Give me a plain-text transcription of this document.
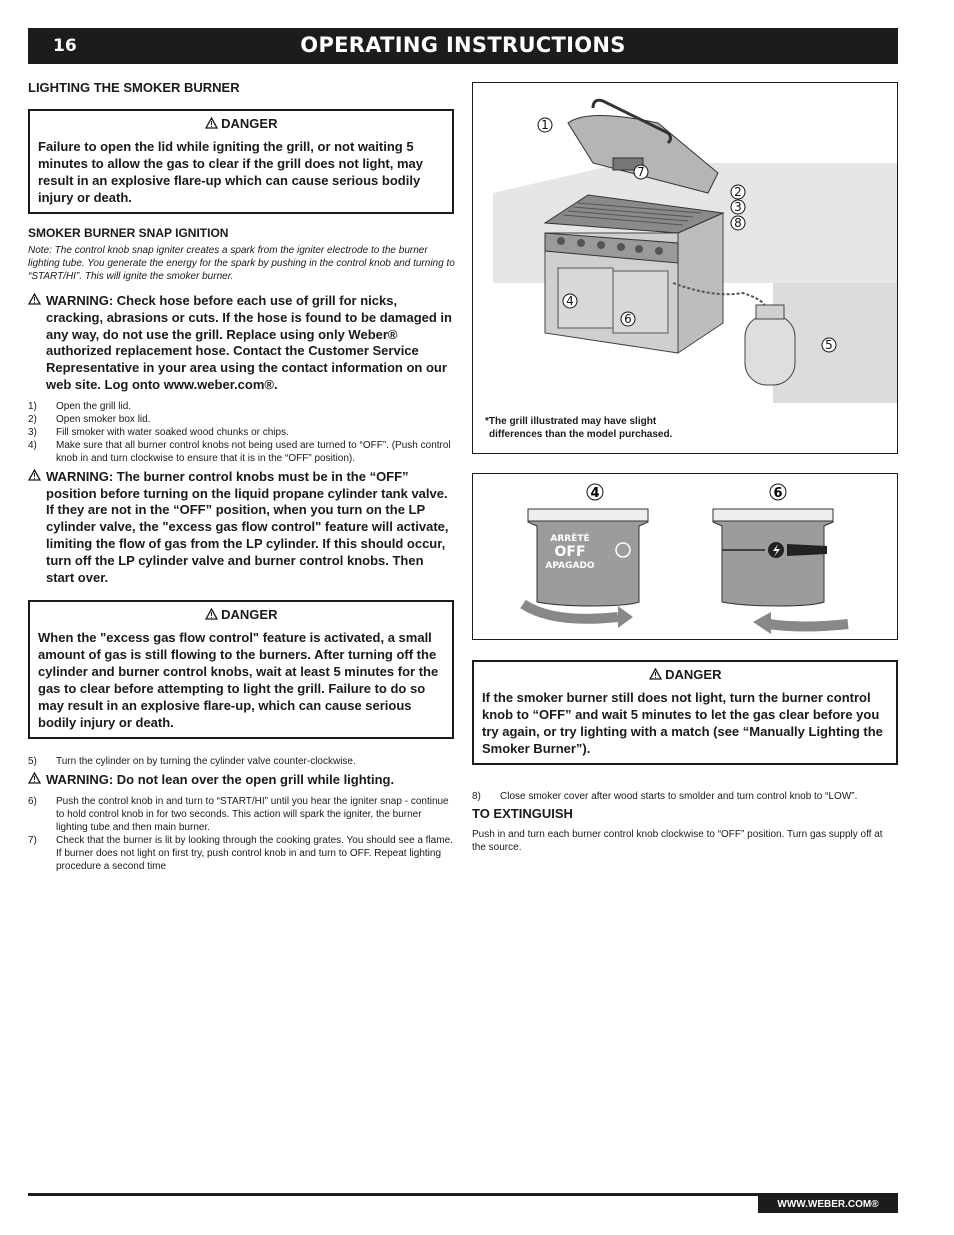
16	OPERATING INSTRUCTIONS
LIGHTING THE SMOKER BURNER
DANGER
Failure to open the lid while igniting the grill, or not waiting 5 minutes to allow the gas to clear if the grill does not light, may result in an explosive flare-up which can cause serious bodily injury or death.
SMOKER BURNER SNAP IGNITION
Note: The control knob snap igniter creates a spark from the igniter electrode to the burner lighting tube. You generate the energy for the spark by pushing in the control knob and turning to “START/HI”. This will ignite the smoker burner.
WARNING: Check hose before each use of grill for nicks, cracking, abrasions or cuts. If the hose is found to be damaged in any way, do not use the grill. Replace using only Weber® authorized replacement hose. Contact the Customer Service Representative in your area using the contact information on our web site. Log onto www.weber.com®.
1)	Open the grill lid.
2)	Open smoker box lid.
3)	Fill smoker with water soaked wood chunks or chips.
4)	Make sure that all burner control knobs not being used are turned to “OFF”. (Push control knob in and turn clockwise to ensure that it is in the “OFF” position).
WARNING: The burner control knobs must be in the “OFF” position before turning on the liquid propane cylinder tank valve. If they are not in the “OFF” position, when you turn on the LP cylinder valve, the "excess gas flow control" feature will activate, limiting the flow of gas from the LP cylinder. If this should occur, turn off the LP cylinder valve and burner control knobs. Then start over.
DANGER
When the "excess gas flow control" feature is activated, a small amount of gas is still flowing to the burners. After turning off the cylinder and burner control knobs, wait at least 5 minutes for the gas to clear before attempting to light the grill. Failure to do so may result in an explosive flare-up, which can cause serious bodily injury or death.
5)	Turn the cylinder on by turning the cylinder valve counter-clockwise.
WARNING: Do not lean over the open grill while lighting.
6)	Push the control knob in and turn to “START/HI” until you hear the igniter snap - continue to hold control knob in for two seconds. This action will spark the igniter, the burner lighting tube and then main burner.
7)	Check that the burner is lit by looking through the cooking grates. You should see a flame. If burner does not light on first try, push control knob in and turn to OFF. Repeat lighting procedure a second time
1
7
2
3
8
4
6
5
*The grill illustrated may have slight
differences than the model purchased.
4
ARRÊTÉ
OFF
APAGADO
6
DANGER
If the smoker burner still does not light, turn the burner control knob to “OFF” and wait 5 minutes to let the gas clear before you try again, or try lighting with a match (see “Manually Lighting the Smoker Burner”).
8)	Close smoker cover after wood starts to smolder and turn control knob to “LOW”.
TO EXTINGUISH
Push in and turn each burner control knob clockwise to “OFF” position. Turn gas supply off at the source.
WWW.WEBER.COM®
